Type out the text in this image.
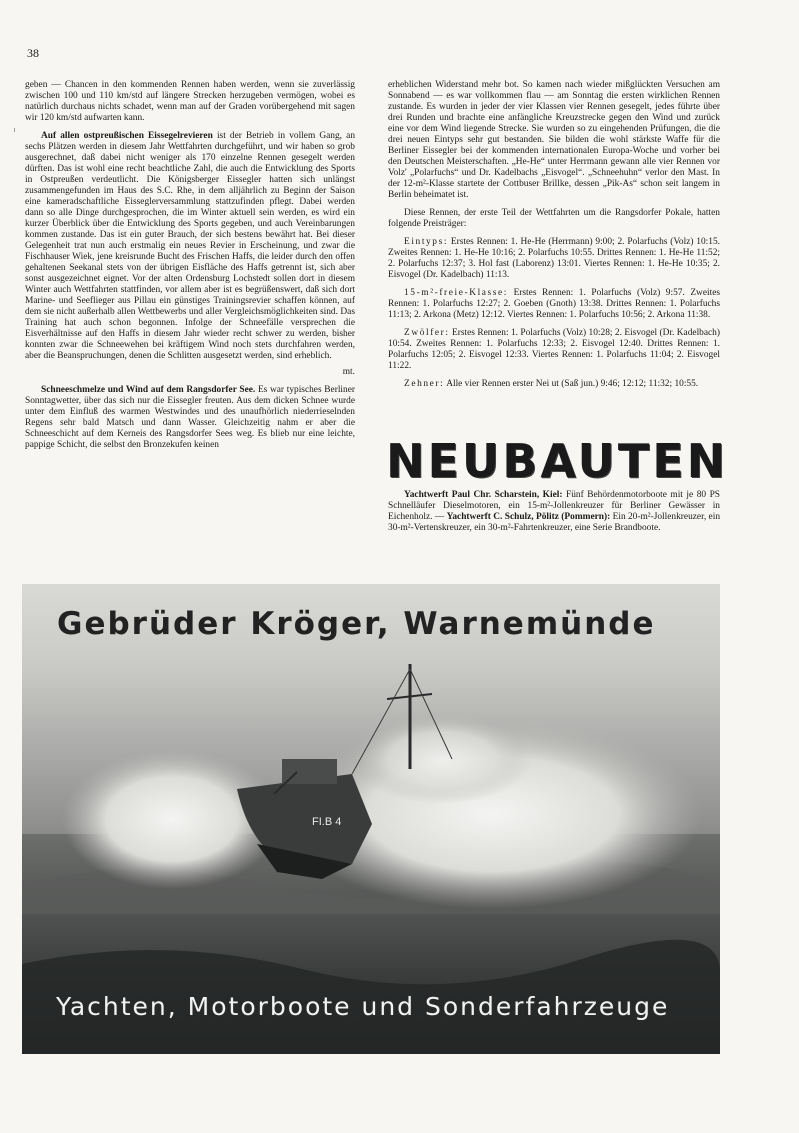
38

geben — Chancen in den kommenden Rennen haben werden, wenn sie zuverlässig zwischen 100 und 110 km/std auf längere Strecken herzugeben vermögen, wobei es natürlich durchaus nichts schadet, wenn man auf der Graden vorübergehend mit sagen wir 120 km/std aufwarten kann.

Auf allen ostpreußischen Eissegelrevieren ist der Betrieb in vollem Gang, an sechs Plätzen werden in diesem Jahr Wettfahrten durchgeführt, und wir haben so grob ausgerechnet, daß dabei nicht weniger als 170 einzelne Rennen gesegelt werden dürften. Das ist wohl eine recht beachtliche Zahl, die auch die Entwicklung des Sports in Ostpreußen verdeutlicht. Die Königsberger Eissegler hatten sich unlängst zusammengefunden im Haus des S.C. Rhe, in dem alljährlich zu Beginn der Saison eine kameradschaftliche Eisseglerversammlung stattzufinden pflegt. Dabei werden dann so alle Dinge durchgesprochen, die im Winter aktuell sein werden, es wird ein kurzer Überblick über die Entwicklung des Sports gegeben, und auch Vereinbarungen kommen zustande. Das ist ein guter Brauch, der sich bestens bewährt hat. Bei dieser Gelegenheit trat nun auch erstmalig ein neues Revier in Erscheinung, und zwar die Fischhauser Wiek, jene kreisrunde Bucht des Frischen Haffs, die leider durch den offen gehaltenen Seekanal stets von der übrigen Eisfläche des Haffs getrennt ist, sich aber sonst ausgezeichnet eignet. Vor der alten Ordensburg Lochstedt sollen dort in diesem Winter auch Wettfahrten stattfinden, vor allem aber ist es begrüßenswert, daß sich dort Marine- und Seeflieger aus Pillau ein günstiges Trainingsrevier schaffen können, auf dem sie nicht außerhalb allen Wettbewerbs und aller Vergleichsmöglichkeiten sind. Das Training hat auch schon begonnen. Infolge der Schneefälle versprechen die Eisverhältnisse auf den Haffs in diesem Jahr wieder recht schwer zu werden, bisher konnten zwar die Schneewehen bei kräftigem Wind noch stets durchfahren werden, aber die Beanspruchungen, denen die Schlitten ausgesetzt werden, sind erheblich.

mt.

Schneeschmelze und Wind auf dem Rangsdorfer See. Es war typisches Berliner Sonntagwetter, über das sich nur die Eissegler freuten. Aus dem dicken Schnee wurde unter dem Einfluß des warmen Westwindes und des unaufhörlich niederrieselnden Regens sehr bald Matsch und dann Wasser. Gleichzeitig nahm er aber die Schneeschicht auf dem Kerneis des Rangsdorfer Sees weg. Es blieb nur eine leichte, pappige Schicht, die selbst den Bronzekufen keinen

erheblichen Widerstand mehr bot. So kamen nach wieder mißglückten Versuchen am Sonnabend — es war vollkommen flau — am Sonntag die ersten wirklichen Rennen zustande. Es wurden in jeder der vier Klassen vier Rennen gesegelt, jedes führte über drei Runden und brachte eine anfängliche Kreuzstrecke gegen den Wind und zurück eine vor dem Wind liegende Strecke. Sie wurden so zu eingehenden Prüfungen, die die drei neuen Eintyps sehr gut bestanden. Sie bilden die wohl stärkste Waffe für die Berliner Eissegler bei der kommenden internationalen Europa-Woche und vorher bei den Deutschen Meisterschaften. „He-He“ unter Herrmann gewann alle vier Rennen vor Volz' „Polarfuchs“ und Dr. Kadelbachs „Eisvogel“. „Schneehuhn“ verlor den Mast. In der 12-m²-Klasse startete der Cottbuser Brillke, dessen „Pik-As“ schon seit langem in Berlin beheimatet ist.

Diese Rennen, der erste Teil der Wettfahrten um die Rangsdorfer Pokale, hatten folgende Preisträger:

Eintyps: Erstes Rennen: 1. He-He (Herrmann) 9:00; 2. Polarfuchs (Volz) 10:15. Zweites Rennen: 1. He-He 10:16; 2. Polarfuchs 10:55. Drittes Rennen: 1. He-He 11:52; 2. Polarfuchs 12:37; 3. Hol fast (Laborenz) 13:01. Viertes Rennen: 1. He-He 10:35; 2. Eisvogel (Dr. Kadelbach) 11:13.

15-m²-freie-Klasse: Erstes Rennen: 1. Polarfuchs (Volz) 9:57. Zweites Rennen: 1. Polarfuchs 12:27; 2. Goeben (Gnoth) 13:38. Drittes Rennen: 1. Polarfuchs 11:13; 2. Arkona (Metz) 12:12. Viertes Rennen: 1. Polarfuchs 10:56; 2. Arkona 11:38.

Zwölfer: Erstes Rennen: 1. Polarfuchs (Volz) 10:28; 2. Eisvogel (Dr. Kadelbach) 10:54. Zweites Rennen: 1. Polarfuchs 12:33; 2. Eisvogel 12:40. Drittes Rennen: 1. Polarfuchs 12:05; 2. Eisvogel 12:33. Viertes Rennen: 1. Polarfuchs 11:04; 2. Eisvogel 11:22.

Zehner: Alle vier Rennen erster Nei ut (Saß jun.) 9:46; 12:12; 11:32; 10:55.

NEUBAUTEN

Yachtwerft Paul Chr. Scharstein, Kiel: Fünf Behördenmotorboote mit je 80 PS Schnelläufer Dieselmotoren, ein 15-m²-Jollenkreuzer für Berliner Gewässer in Eichenholz. — Yachtwerft C. Schulz, Pölitz (Pommern): Ein 20-m²-Jollenkreuzer, ein 30-m²-Vertenskreuzer, ein 30-m²-Fahrtenkreuzer, eine Serie Brandboote.

FI.B 4
Gebrüder Kröger, Warnemünde

Yachten, Motorboote und Sonderfahrzeuge
